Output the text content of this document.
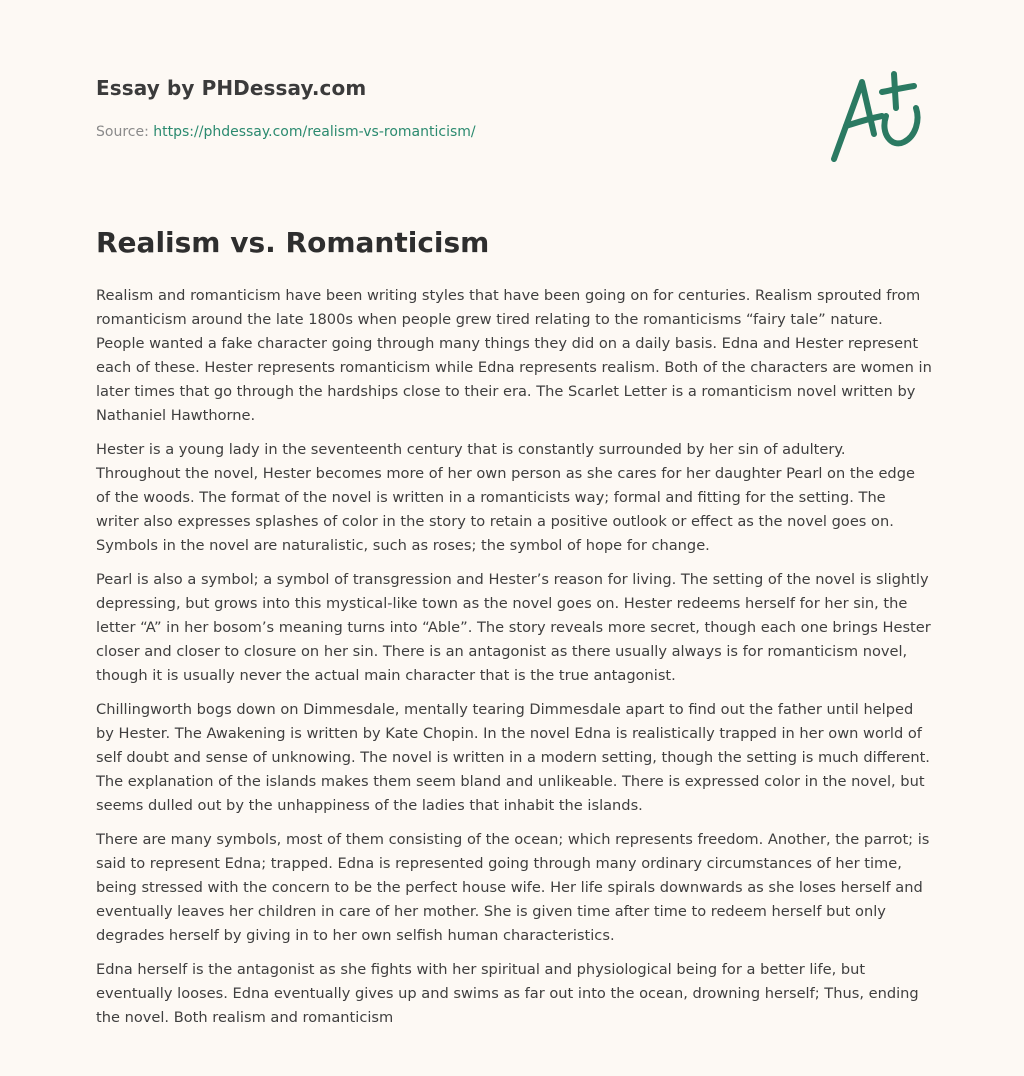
Essay by PHDessay.com
Source: https://phdessay.com/realism-vs-romanticism/
Realism vs. Romanticism

Realism and romanticism have been writing styles that have been going on for centuries. Realism sprouted from romanticism around the late 1800s when people grew tired relating to the romanticisms “fairy tale” nature. People wanted a fake character going through many things they did on a daily basis. Edna and Hester represent each of these. Hester represents romanticism while Edna represents realism. Both of the characters are women in later times that go through the hardships close to their era. The Scarlet Letter is a romanticism novel written by Nathaniel Hawthorne.

Hester is a young lady in the seventeenth century that is constantly surrounded by her sin of adultery. Throughout the novel, Hester becomes more of her own person as she cares for her daughter Pearl on the edge of the woods. The format of the novel is written in a romanticists way; formal and fitting for the setting. The writer also expresses splashes of color in the story to retain a positive outlook or effect as the novel goes on. Symbols in the novel are naturalistic, such as roses; the symbol of hope for change.

Pearl is also a symbol; a symbol of transgression and Hester’s reason for living. The setting of the novel is slightly depressing, but grows into this mystical-like town as the novel goes on. Hester redeems herself for her sin, the letter “A” in her bosom’s meaning turns into “Able”. The story reveals more secret, though each one brings Hester closer and closer to closure on her sin. There is an antagonist as there usually always is for romanticism novel, though it is usually never the actual main character that is the true antagonist.

Chillingworth bogs down on Dimmesdale, mentally tearing Dimmesdale apart to find out the father until helped by Hester. The Awakening is written by Kate Chopin. In the novel Edna is realistically trapped in her own world of self doubt and sense of unknowing. The novel is written in a modern setting, though the setting is much different. The explanation of the islands makes them seem bland and unlikeable. There is expressed color in the novel, but seems dulled out by the unhappiness of the ladies that inhabit the islands.

There are many symbols, most of them consisting of the ocean; which represents freedom. Another, the parrot; is said to represent Edna; trapped. Edna is represented going through many ordinary circumstances of her time, being stressed with the concern to be the perfect house wife. Her life spirals downwards as she loses herself and eventually leaves her children in care of her mother. She is given time after time to redeem herself but only degrades herself by giving in to her own selfish human characteristics.

Edna herself is the antagonist as she fights with her spiritual and physiological being for a better life, but eventually looses. Edna eventually gives up and swims as far out into the ocean, drowning herself; Thus, ending the novel. Both realism and romanticism
